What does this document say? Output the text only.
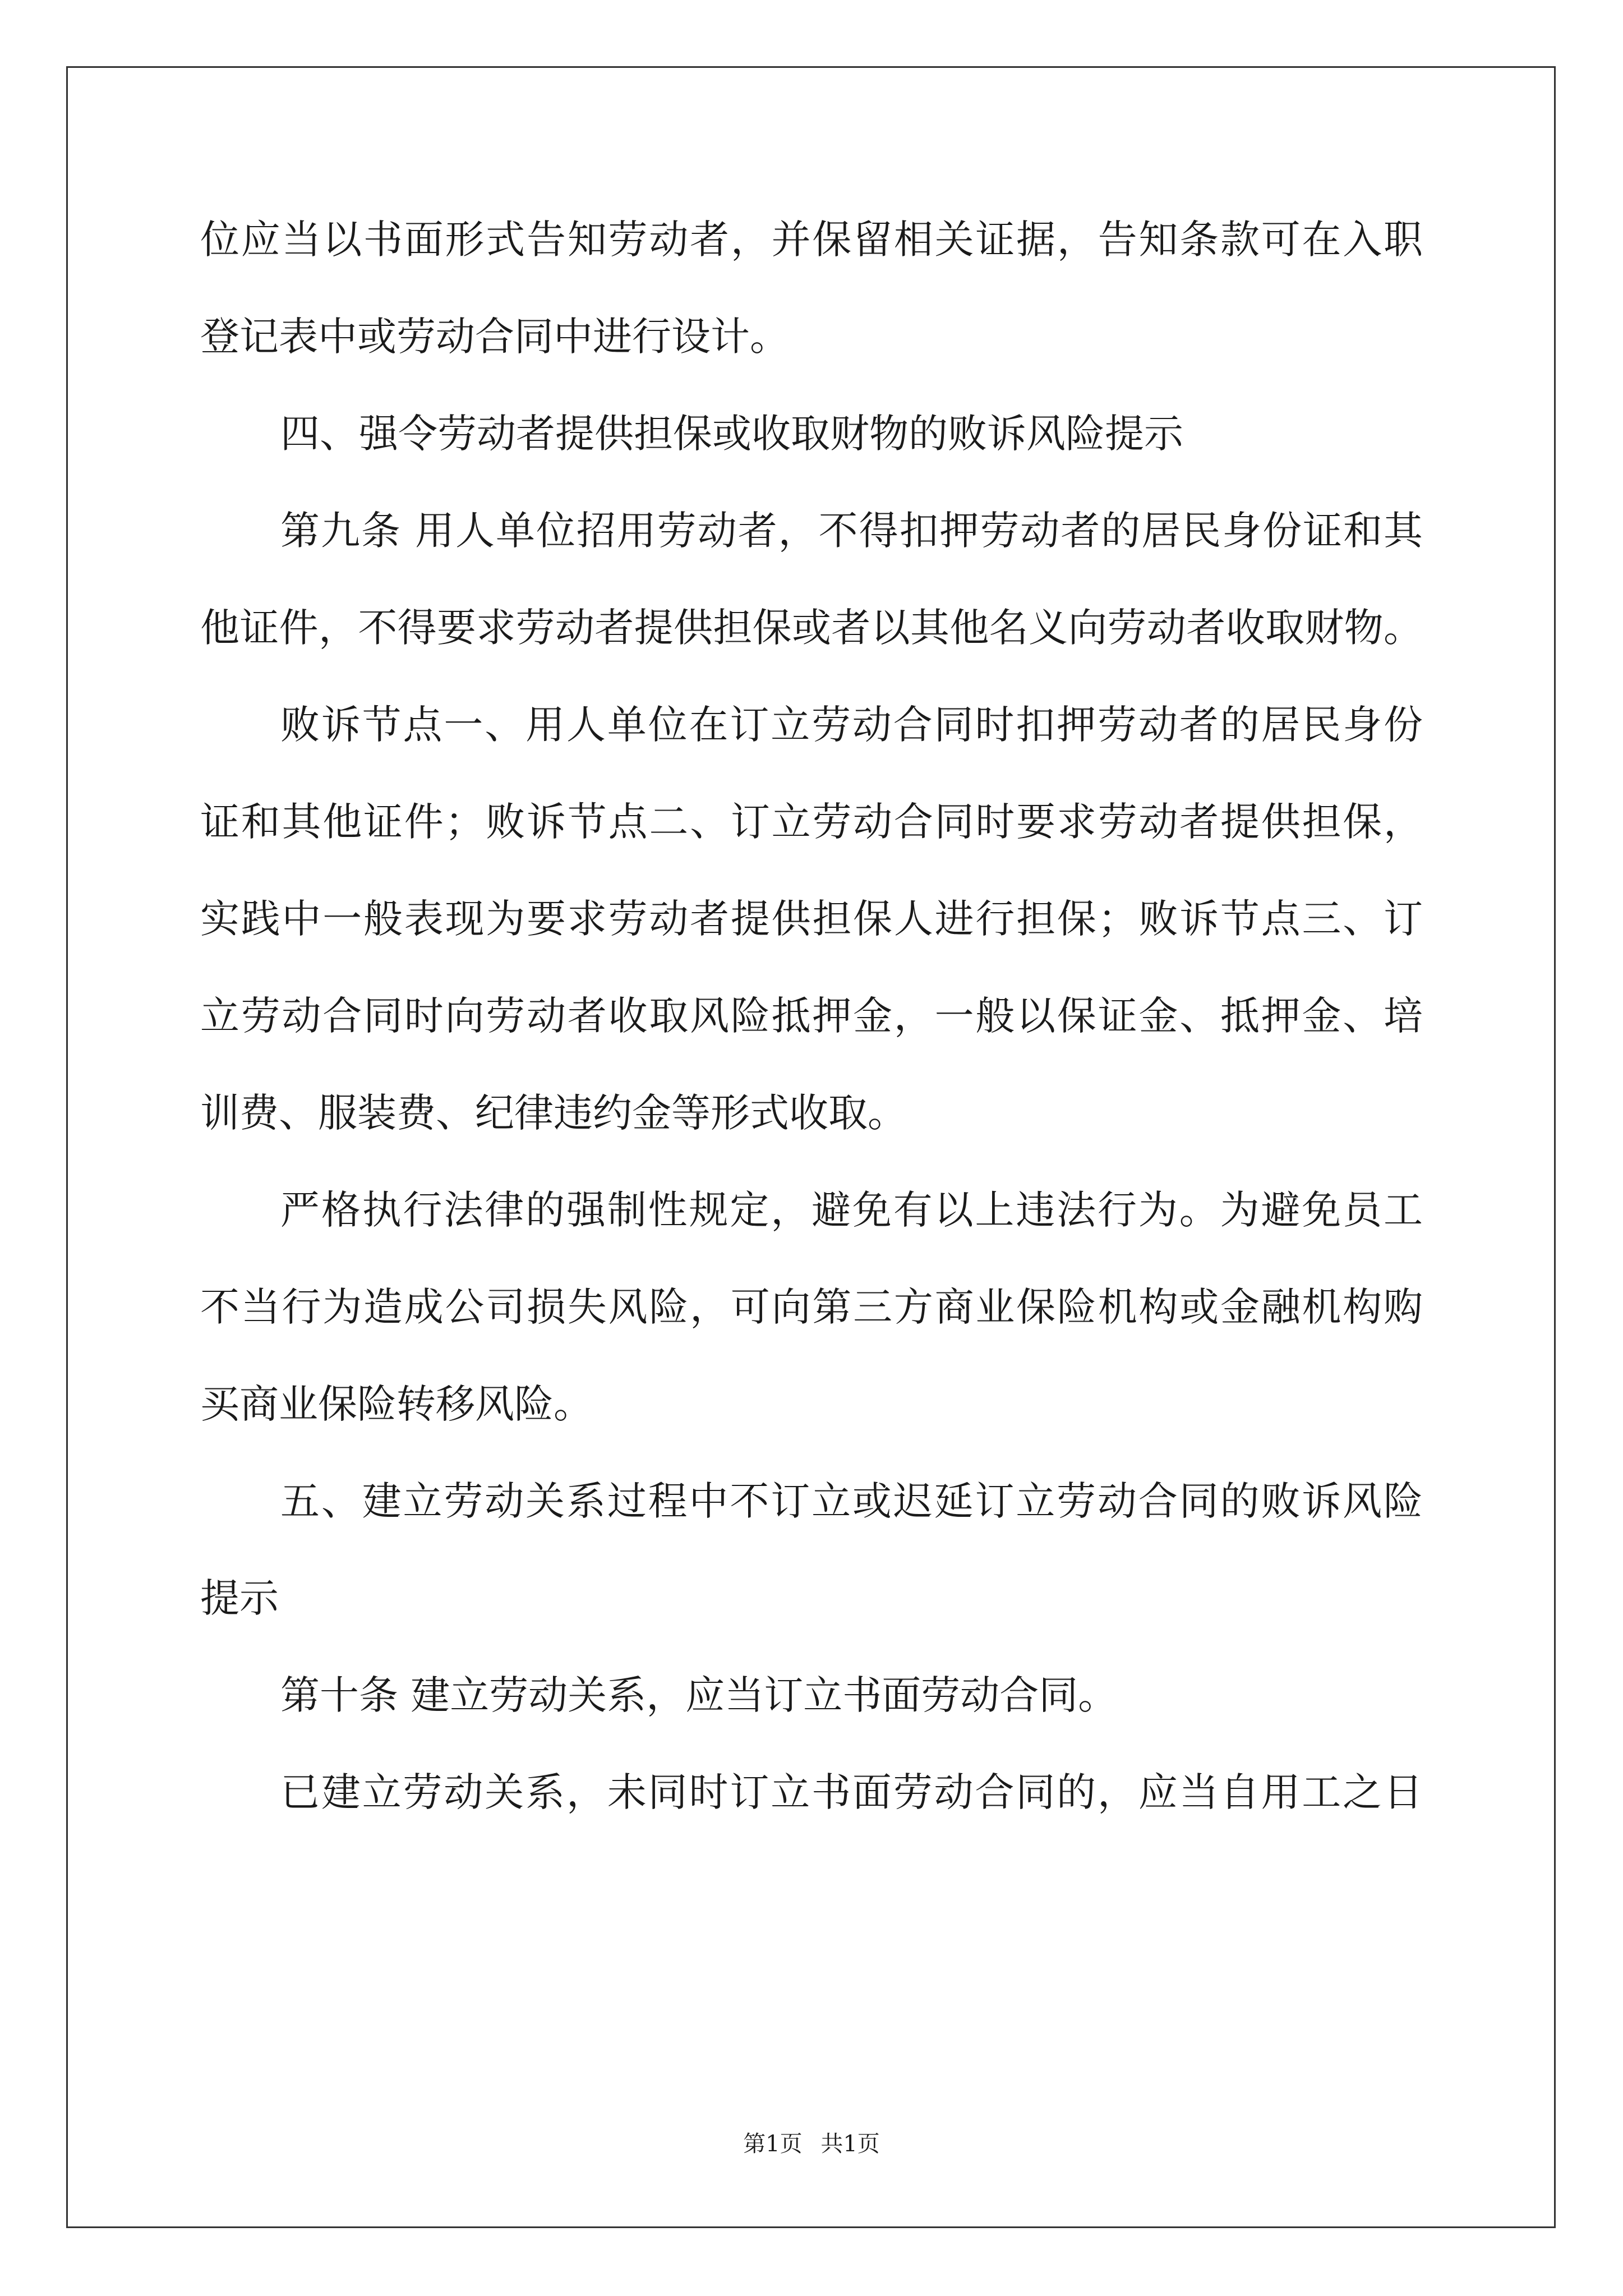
位应当以书面形式告知劳动者，并保留相关证据，告知条款可在入职
登记表中或劳动合同中进行设计。
四、强令劳动者提供担保或收取财物的败诉风险提示
第九条 用人单位招用劳动者，不得扣押劳动者的居民身份证和其
他证件，不得要求劳动者提供担保或者以其他名义向劳动者收取财物。
败诉节点一、用人单位在订立劳动合同时扣押劳动者的居民身份
证和其他证件；败诉节点二、订立劳动合同时要求劳动者提供担保，
实践中一般表现为要求劳动者提供担保人进行担保；败诉节点三、订
立劳动合同时向劳动者收取风险抵押金，一般以保证金、抵押金、培
训费、服装费、纪律违约金等形式收取。
严格执行法律的强制性规定，避免有以上违法行为。为避免员工
不当行为造成公司损失风险，可向第三方商业保险机构或金融机构购
买商业保险转移风险。
五、建立劳动关系过程中不订立或迟延订立劳动合同的败诉风险
提示
第十条 建立劳动关系，应当订立书面劳动合同。
已建立劳动关系，未同时订立书面劳动合同的，应当自用工之日
第1页 共1页
